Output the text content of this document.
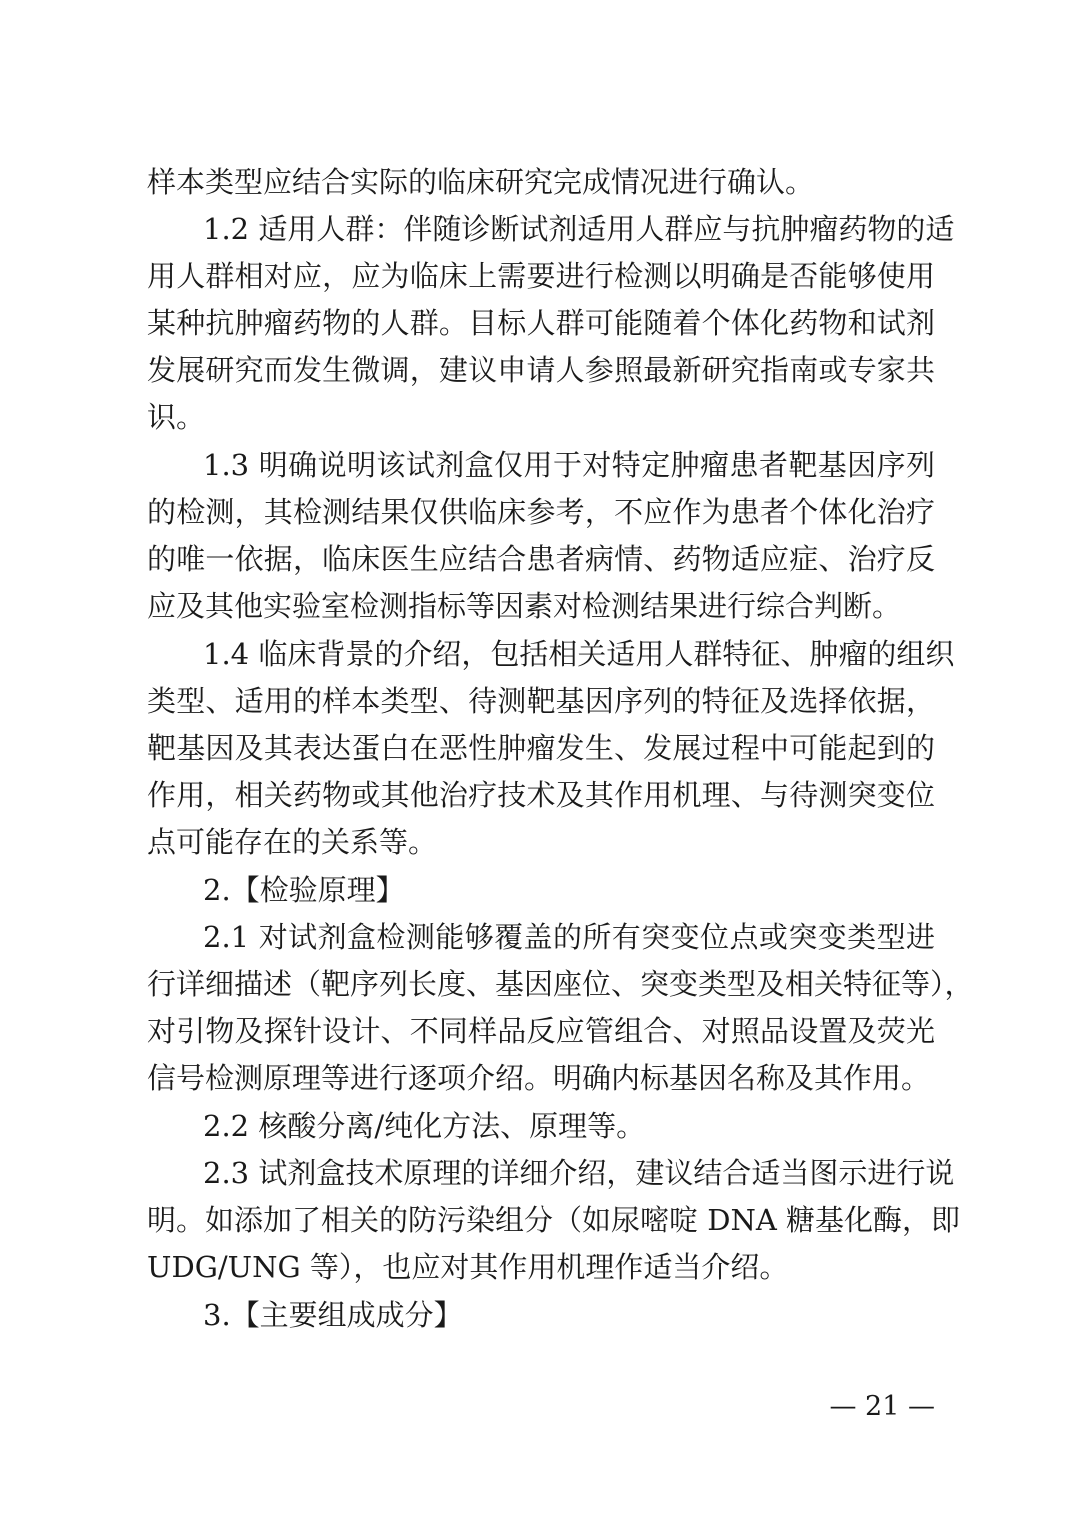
样本类型应结合实际的临床研究完成情况进行确认。
1.2 适用人群：伴随诊断试剂适用人群应与抗肿瘤药物的适
用人群相对应，应为临床上需要进行检测以明确是否能够使用
某种抗肿瘤药物的人群。目标人群可能随着个体化药物和试剂
发展研究而发生微调，建议申请人参照最新研究指南或专家共
识。
1.3 明确说明该试剂盒仅用于对特定肿瘤患者靶基因序列
的检测，其检测结果仅供临床参考，不应作为患者个体化治疗
的唯一依据，临床医生应结合患者病情、药物适应症、治疗反
应及其他实验室检测指标等因素对检测结果进行综合判断。
1.4 临床背景的介绍，包括相关适用人群特征、肿瘤的组织
类型、适用的样本类型、待测靶基因序列的特征及选择依据，
靶基因及其表达蛋白在恶性肿瘤发生、发展过程中可能起到的
作用，相关药物或其他治疗技术及其作用机理、与待测突变位
点可能存在的关系等。
2.【检验原理】
2.1 对试剂盒检测能够覆盖的所有突变位点或突变类型进
行详细描述（靶序列长度、基因座位、突变类型及相关特征等），
对引物及探针设计、不同样品反应管组合、对照品设置及荧光
信号检测原理等进行逐项介绍。明确内标基因名称及其作用。
2.2 核酸分离/纯化方法、原理等。
2.3 试剂盒技术原理的详细介绍，建议结合适当图示进行说
明。如添加了相关的防污染组分（如尿嘧啶 DNA 糖基化酶，即
UDG/UNG 等），也应对其作用机理作适当介绍。
3.【主要组成成分】
— 21 —
